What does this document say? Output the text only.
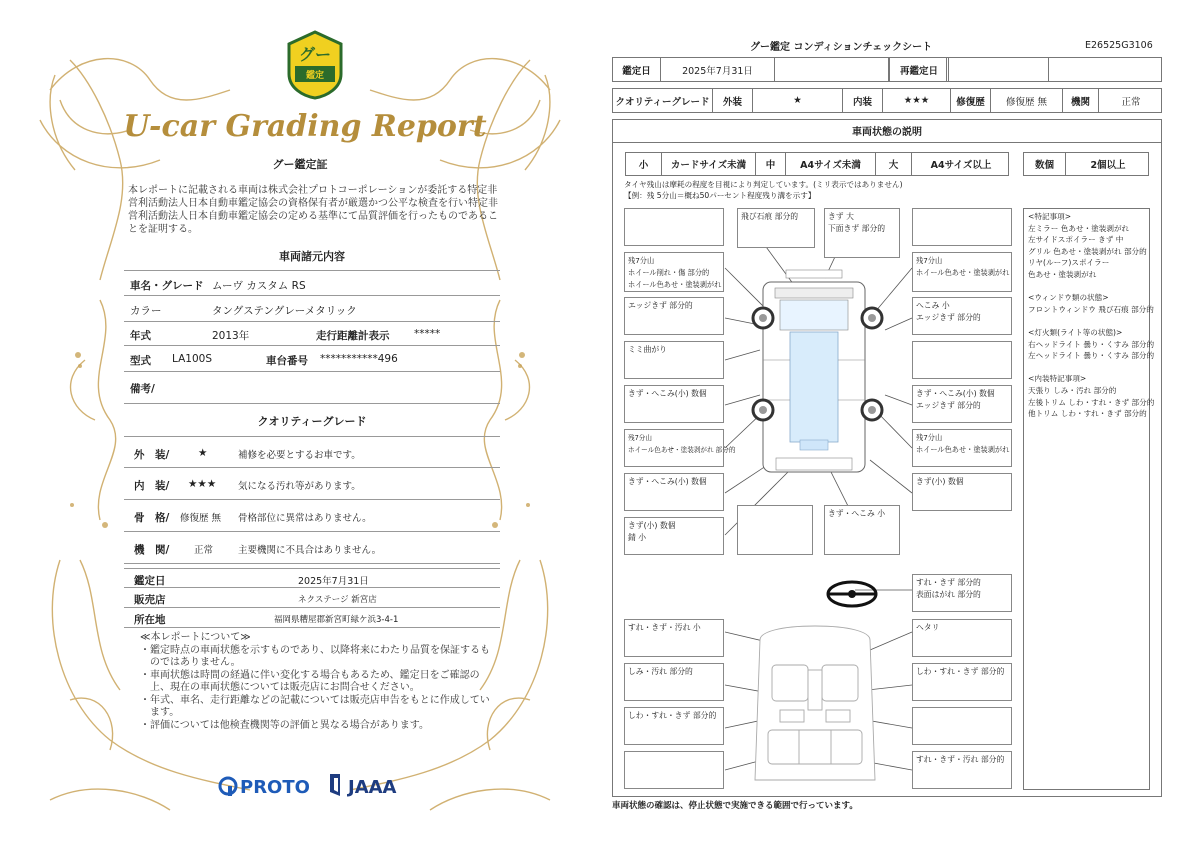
グー
鑑定
U-car Grading Report
グー鑑定証
本レポートに記載される車両は株式会社プロトコーポレーションが委託する特定非営利活動法人日本自動車鑑定協会の資格保有者が厳選かつ公平な検査を行い特定非営利活動法人日本自動車鑑定協会の定める基準にて品質評価を行ったものであることを証明する。
車両諸元内容
車名・グレード ムーヴ カスタム RS
カラー	タングステングレーメタリック
年式	2013年	走行距離計表示 *****
型式 LA100S	車台番号 ***********496
備考/
クオリティーグレード
外　装/	★	補修を必要とするお車です。
内　装/ ★★★ 気になる汚れ等があります。
骨　格/ 修復歴 無 骨格部位に異常はありません。
機　関/	正常	主要機関に不具合はありません。
鑑定日	2025年7月31日
販売店	ネクステージ 新宮店
所在地	福岡県糟屋郡新宮町緑ケ浜3-4-1
≪本レポートについて≫
・鑑定時点の車両状態を示すものであり、以降将来にわたり品質を保証するものではありません。
・車両状態は時間の経過に伴い変化する場合もあるため、鑑定日をご確認の上、現在の車両状態については販売店にお問合せください。
・年式、車名、走行距離などの記載については販売店申告をもとに作成しています。
・評価については他検査機関等の評価と異なる場合があります。
PROTO JAAA
グー鑑定 コンディションチェックシート	E26525G3106
鑑定日	2025年7月31日	再鑑定日
クオリティーグレード	外装	★	内装	★★★	修復歴	修復歴 無	機関	正常
車両状態の説明
小	カードサイズ未満	中	A4サイズ未満	大	A4サイズ以上	数個	2個以上
タイヤ残山は摩耗の程度を目視により判定しています。(ミリ表示ではありません)
【例：残 5分山＝概ね50パーセント程度残り溝を示す】
飛び石痕 部分的	きず 大
下面きず 部分的
残7分山
ホイール削れ・傷 部分的
ホイール色あせ・塗装剥がれ
残7分山
ホイール色あせ・塗装剥がれ
エッジきず 部分的	へこみ 小
エッジきず 部分的
ミミ曲がり
きず・へこみ(小) 数個	きず・へこみ(小) 数個
エッジきず 部分的
残7分山
ホイール色あせ・塗装剥がれ 部分的
残7分山
ホイール色あせ・塗装剥がれ
きず・へこみ(小) 数個	きず(小) 数個
きず(小) 数個
錆 小
きず・へこみ 小
すれ・きず 部分的
表面はがれ 部分的
すれ・きず・汚れ 小	ヘタリ
しみ・汚れ 部分的	しわ・すれ・きず 部分的
しわ・すれ・きず 部分的
すれ・きず・汚れ 部分的
<特記事項>
左ミラー 色あせ・塗装剥がれ
左サイドスポイラー きず 中
グリル 色あせ・塗装剥がれ 部分的
リヤ(ルーフ)スポイラー
色あせ・塗装剥がれ

<ウィンドウ類の状態>
フロントウィンドウ 飛び石痕 部分的

<灯火類(ライト等の状態)>
右ヘッドライト 曇り・くすみ 部分的
左ヘッドライト 曇り・くすみ 部分的

<内装特記事項>
天張り しみ・汚れ 部分的
左後トリム しわ・すれ・きず 部分的
他トリム しわ・すれ・きず 部分的
車両状態の確認は、停止状態で実施できる範囲で行っています。
